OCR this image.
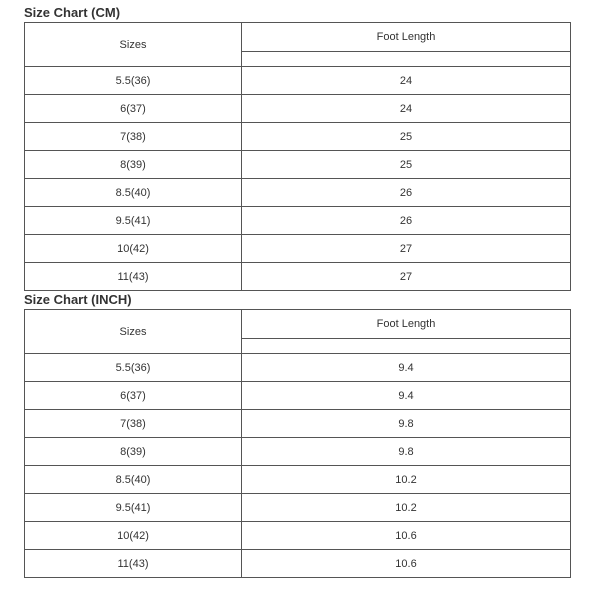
Size Chart (CM)
Sizes	Foot Length

5.5(36)	24
6(37)	24
7(38)	25
8(39)	25
8.5(40)	26
9.5(41)	26
10(42)	27
11(43)	27
Size Chart (INCH)
Sizes	Foot Length

5.5(36)	9.4
6(37)	9.4
7(38)	9.8
8(39)	9.8
8.5(40)	10.2
9.5(41)	10.2
10(42)	10.6
11(43)	10.6
